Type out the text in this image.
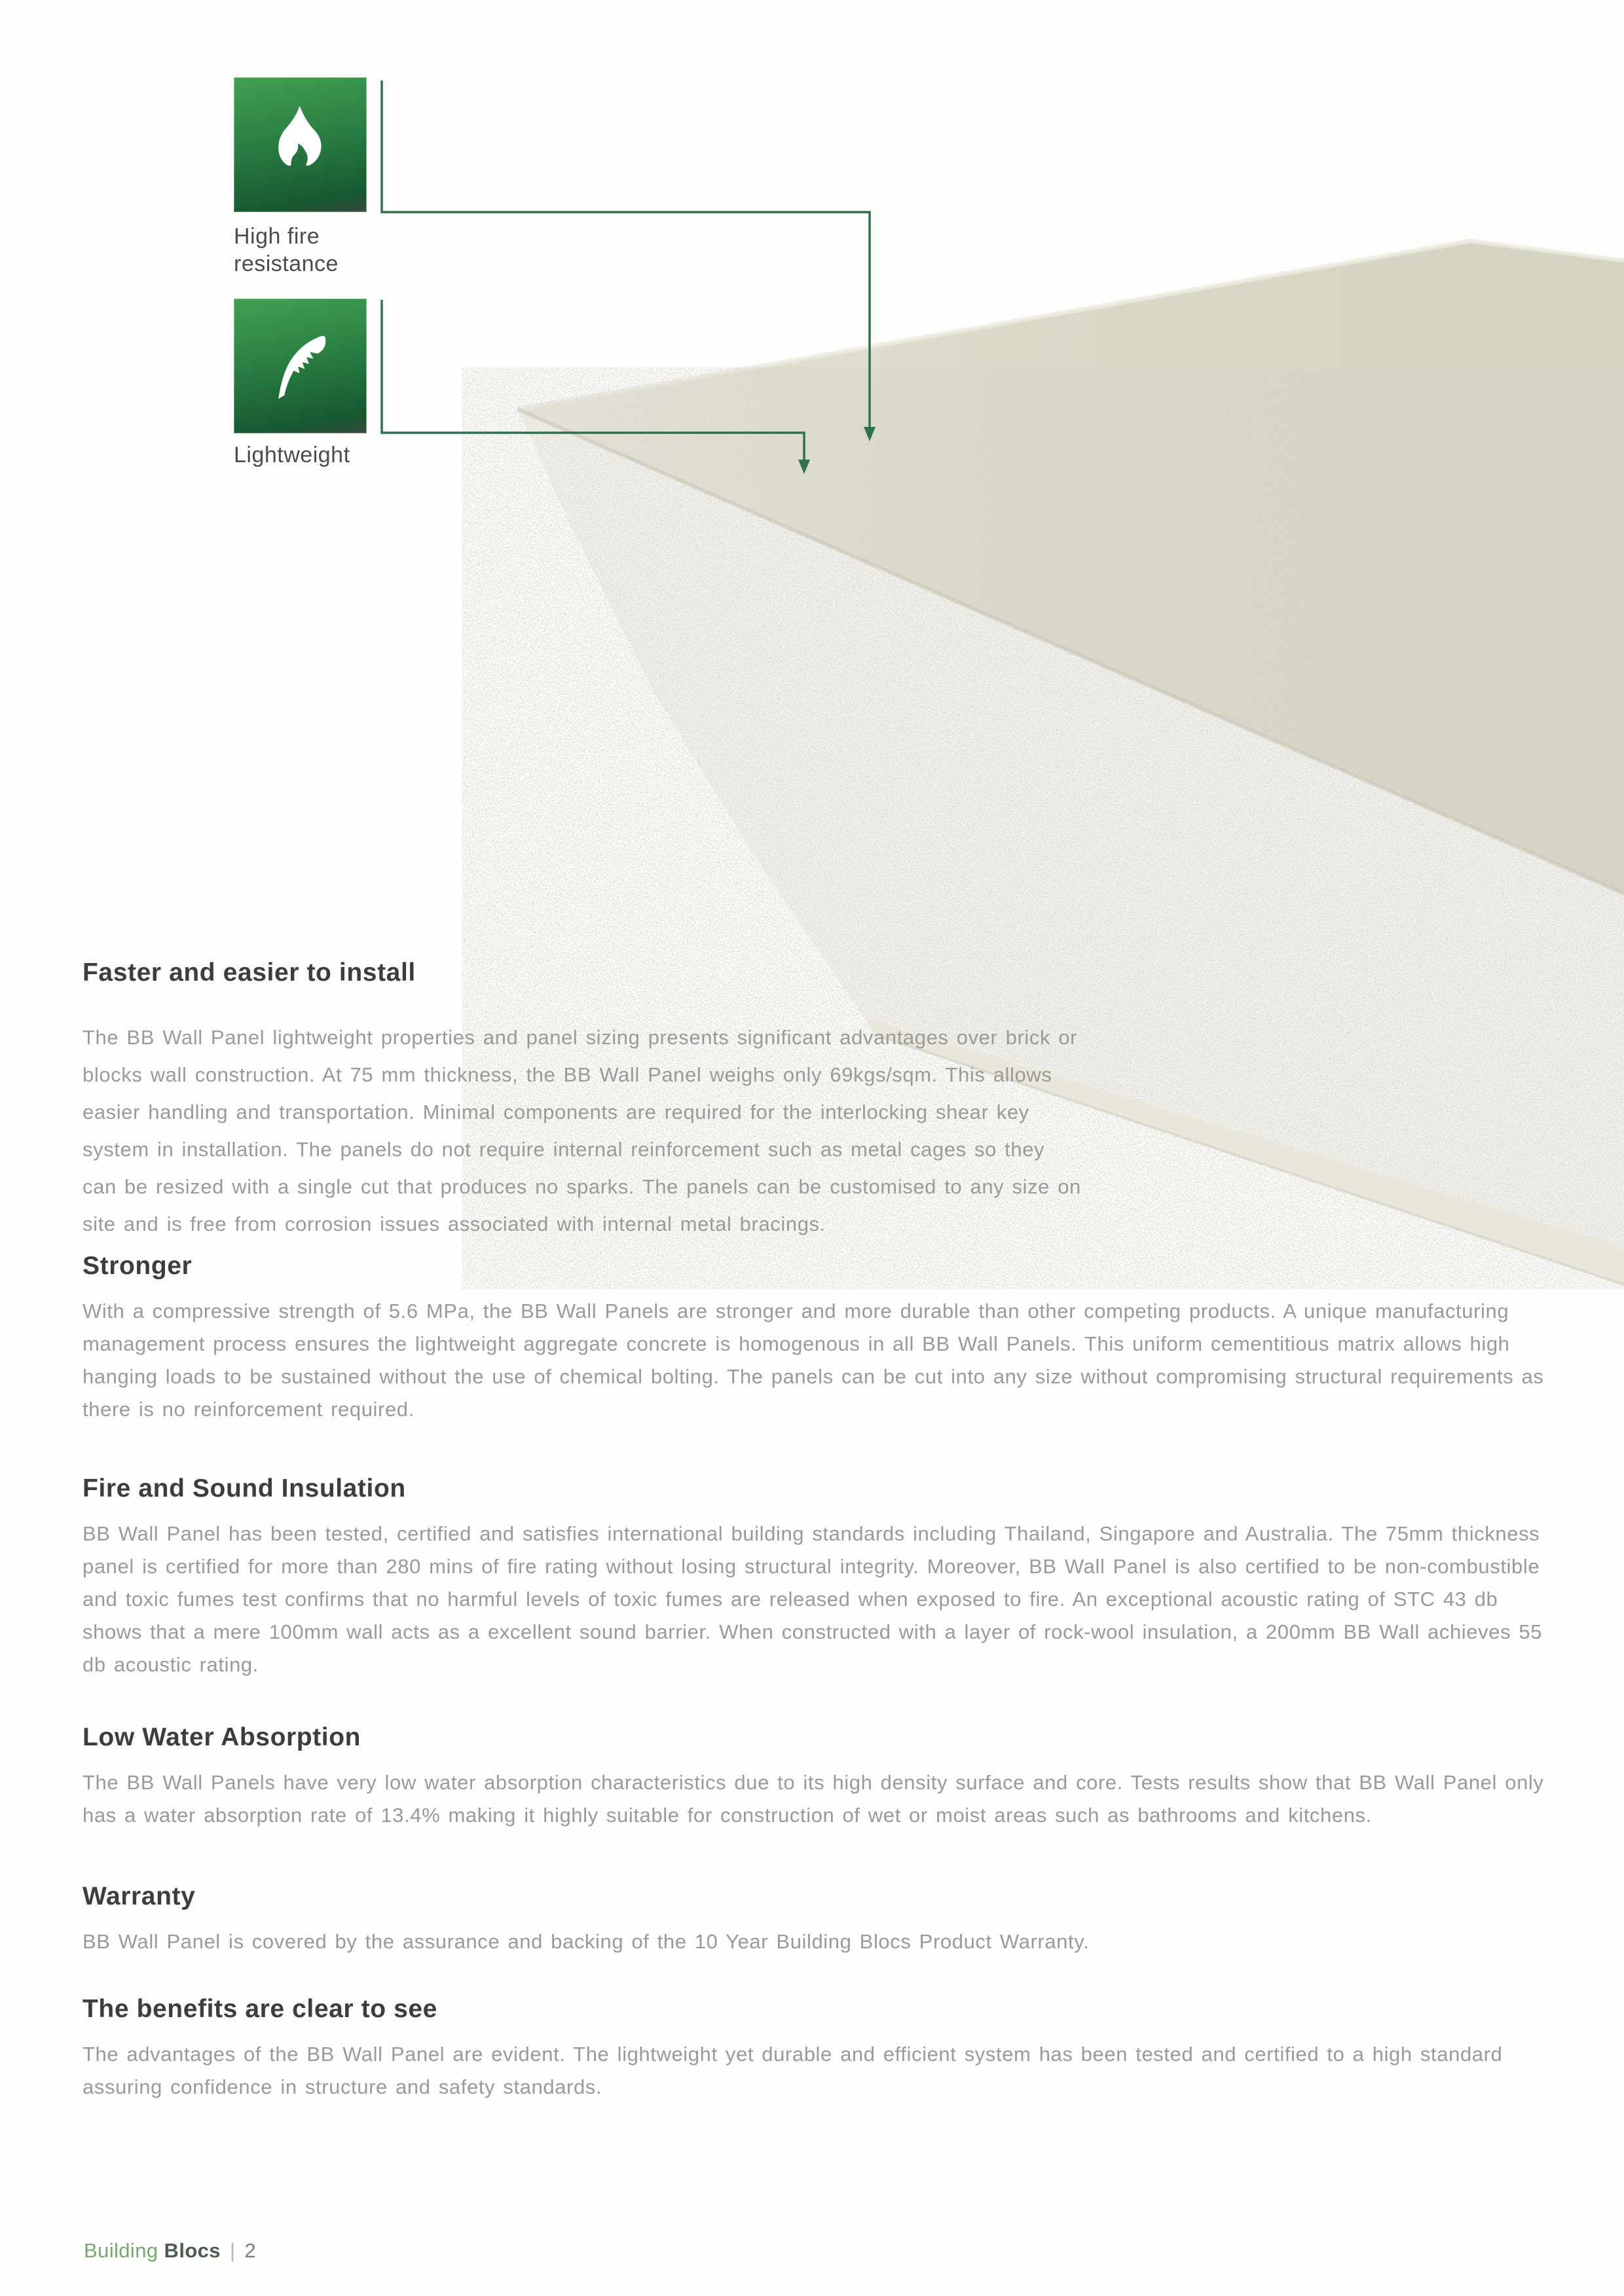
High fire resistance
Lightweight
Faster and easier to install

The BB Wall Panel lightweight properties and panel sizing presents significant advantages over brick or blocks wall construction. At 75 mm thickness, the BB Wall Panel weighs only 69kgs/sqm. This allows easier handling and transportation. Minimal components are required for the interlocking shear key system in installation. The panels do not require internal reinforcement such as metal cages so they can be resized with a single cut that produces no sparks. The panels can be customised to any size on site and is free from corrosion issues associated with internal metal bracings.

Stronger

With a compressive strength of 5.6 MPa, the BB Wall Panels are stronger and more durable than other competing products. A unique manufacturing management process ensures the lightweight aggregate concrete is homogenous in all BB Wall Panels. This uniform cementitious matrix allows high hanging loads to be sustained without the use of chemical bolting. The panels can be cut into any size without compromising structural requirements as there is no reinforcement required.

Fire and Sound Insulation

BB Wall Panel has been tested, certified and satisfies international building standards including Thailand, Singapore and Australia. The 75mm thickness panel is certified for more than 280 mins of fire rating without losing structural integrity. Moreover, BB Wall Panel is also certified to be non-combustible and toxic fumes test confirms that no harmful levels of toxic fumes are released when exposed to fire. An exceptional acoustic rating of STC 43 db shows that a mere 100mm wall acts as a excellent sound barrier. When constructed with a layer of rock-wool insulation, a 200mm BB Wall achieves 55 db acoustic rating.

Low Water Absorption

The BB Wall Panels have very low water absorption characteristics due to its high density surface and core. Tests results show that BB Wall Panel only has a water absorption rate of 13.4% making it highly suitable for construction of wet or moist areas such as bathrooms and kitchens.

Warranty

BB Wall Panel is covered by the assurance and backing of the 10 Year Building Blocs Product Warranty.

The benefits are clear to see

The advantages of the BB Wall Panel are evident. The lightweight yet durable and efficient system has been tested and certified to a high standard assuring confidence in structure and safety standards.

Building Blocs | 2
